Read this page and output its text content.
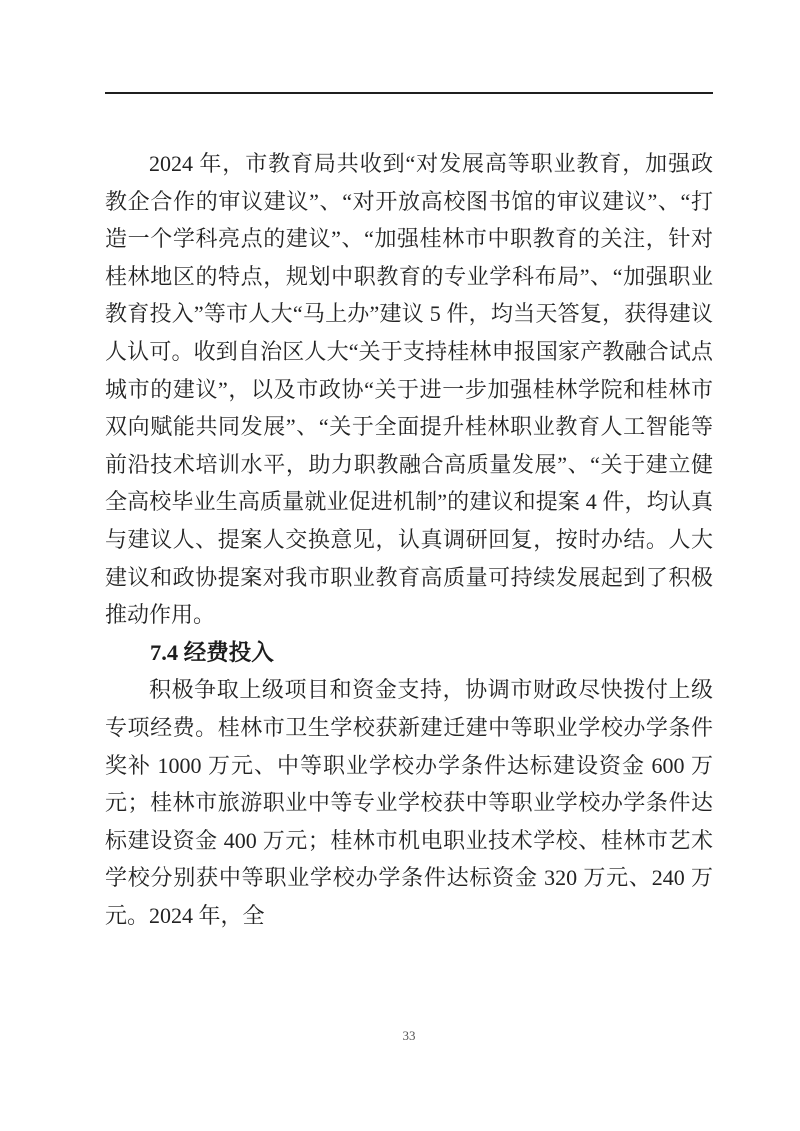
2024 年，市教育局共收到“对发展高等职业教育，加强政教企合作的审议建议”、“对开放高校图书馆的审议建议”、“打造一个学科亮点的建议”、“加强桂林市中职教育的关注，针对桂林地区的特点，规划中职教育的专业学科布局”、“加强职业教育投入”等市人大“马上办”建议 5 件，均当天答复，获得建议人认可。收到自治区人大“关于支持桂林申报国家产教融合试点城市的建议”，以及市政协“关于进一步加强桂林学院和桂林市双向赋能共同发展”、“关于全面提升桂林职业教育人工智能等前沿技术培训水平，助力职教融合高质量发展”、“关于建立健全高校毕业生高质量就业促进机制”的建议和提案 4 件，均认真与建议人、提案人交换意见，认真调研回复，按时办结。人大建议和政协提案对我市职业教育高质量可持续发展起到了积极推动作用。

7.4 经费投入

积极争取上级项目和资金支持，协调市财政尽快拨付上级专项经费。桂林市卫生学校获新建迁建中等职业学校办学条件奖补 1000 万元、中等职业学校办学条件达标建设资金 600 万元；桂林市旅游职业中等专业学校获中等职业学校办学条件达标建设资金 400 万元；桂林市机电职业技术学校、桂林市艺术学校分别获中等职业学校办学条件达标资金 320 万元、240 万元。2024 年，全

33
